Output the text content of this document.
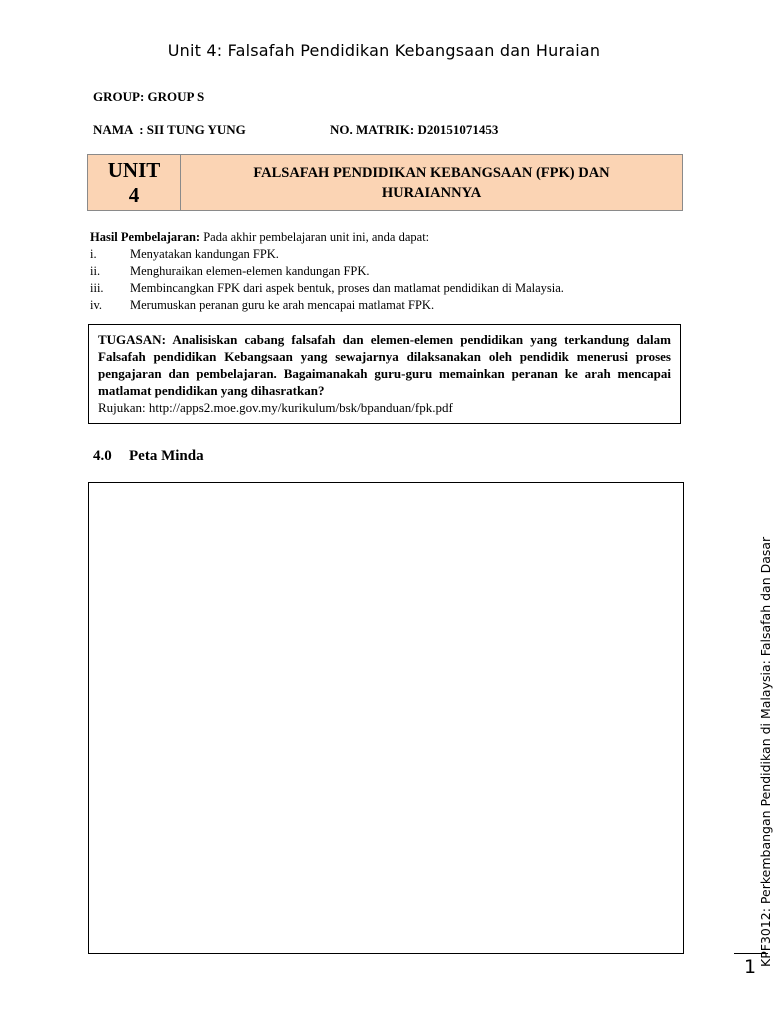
Unit 4: Falsafah Pendidikan Kebangsaan dan Huraian
GROUP: GROUP S
NAMA  : SII TUNG YUNG	NO. MATRIK: D20151071453
UNIT
4
FALSAFAH PENDIDIKAN KEBANGSAAN (FPK) DAN HURAIANNYA
Hasil Pembelajaran: Pada akhir pembelajaran unit ini, anda dapat:
i.	Menyatakan kandungan FPK.
ii.	Menghuraikan elemen-elemen kandungan FPK.
iii.	Membincangkan FPK dari aspek bentuk, proses dan matlamat pendidikan di Malaysia.
iv.	Merumuskan peranan guru ke arah mencapai matlamat FPK.
TUGASAN: Analisiskan cabang falsafah dan elemen-elemen pendidikan yang terkandung dalam Falsafah pendidikan Kebangsaan yang sewajarnya dilaksanakan oleh pendidik menerusi proses pengajaran dan pembelajaran. Bagaimanakah guru-guru memainkan peranan ke arah mencapai matlamat pendidikan yang dihasratkan?
Rujukan: http://apps2.moe.gov.my/kurikulum/bsk/bpanduan/fpk.pdf
4.0 Peta Minda
KPF3012: Perkembangan Pendidikan di Malaysia: Falsafah dan Dasar
1
